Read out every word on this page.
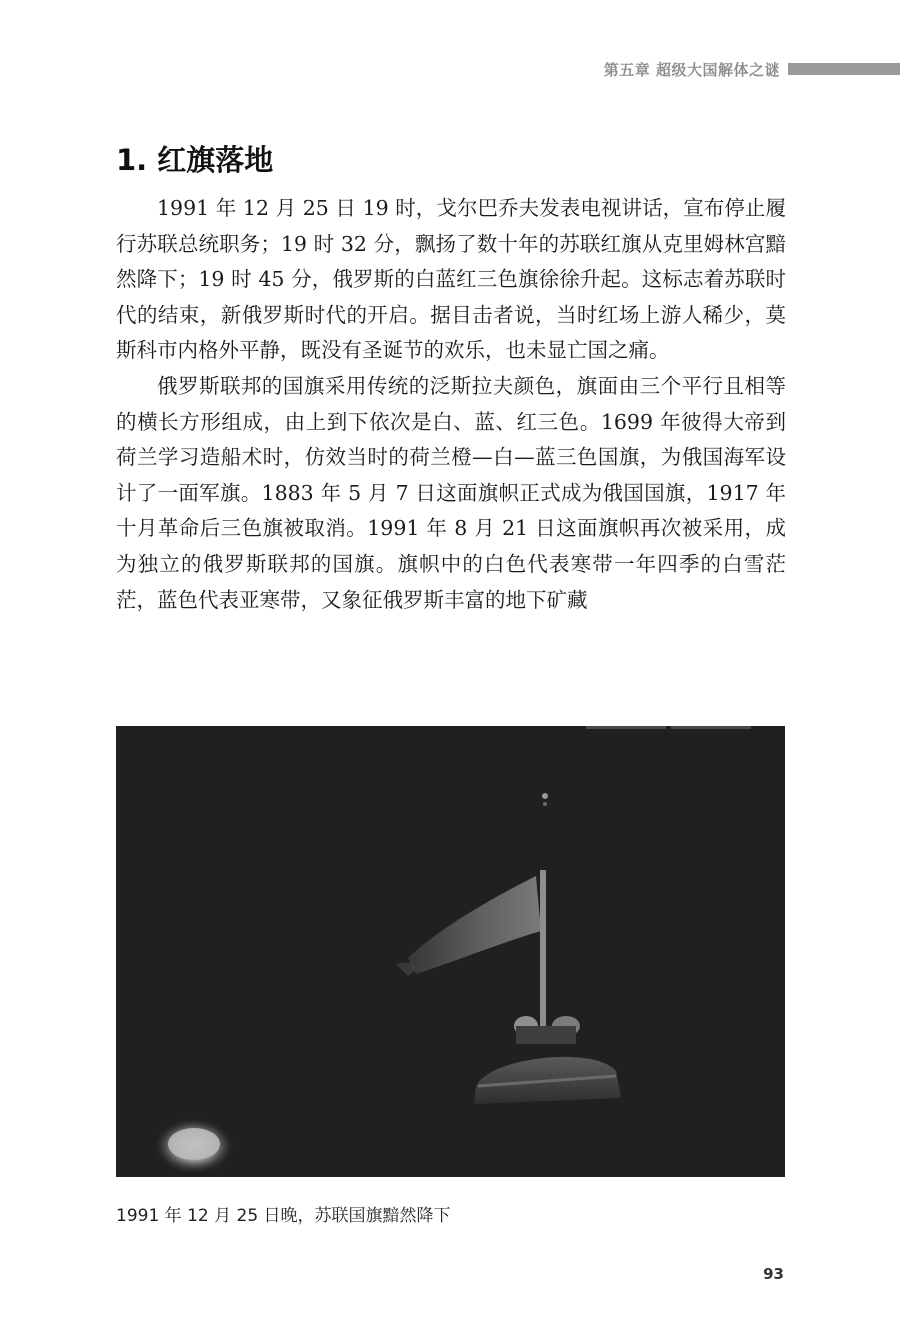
第五章 超级大国解体之谜
1. 红旗落地

1991 年 12 月 25 日 19 时，戈尔巴乔夫发表电视讲话，宣布停止履行苏联总统职务；19 时 32 分，飘扬了数十年的苏联红旗从克里姆林宫黯然降下；19 时 45 分，俄罗斯的白蓝红三色旗徐徐升起。这标志着苏联时代的结束，新俄罗斯时代的开启。据目击者说，当时红场上游人稀少，莫斯科市内格外平静，既没有圣诞节的欢乐，也未显亡国之痛。

俄罗斯联邦的国旗采用传统的泛斯拉夫颜色，旗面由三个平行且相等的横长方形组成，由上到下依次是白、蓝、红三色。1699 年彼得大帝到荷兰学习造船术时，仿效当时的荷兰橙—白—蓝三色国旗，为俄国海军设计了一面军旗。1883 年 5 月 7 日这面旗帜正式成为俄国国旗，1917 年十月革命后三色旗被取消。1991 年 8 月 21 日这面旗帜再次被采用，成为独立的俄罗斯联邦的国旗。旗帜中的白色代表寒带一年四季的白雪茫茫，蓝色代表亚寒带，又象征俄罗斯丰富的地下矿藏

1991 年 12 月 25 日晚，苏联国旗黯然降下
93
